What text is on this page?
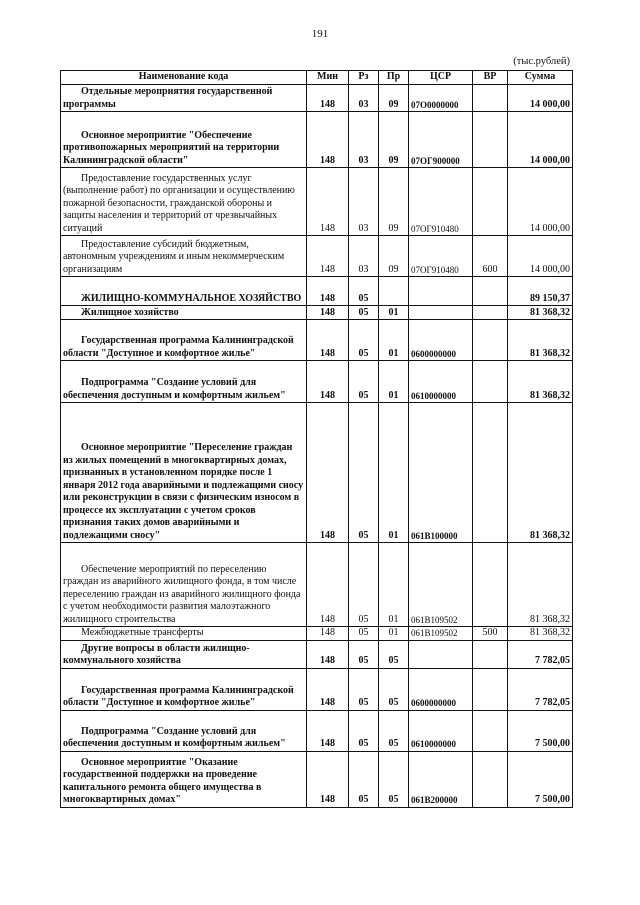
191
(тыс.рублей)
Наименование кода	Мин	Рз	Пр	ЦСР	ВР	Сумма
Отдельные мероприятия государственной программы	148	03	09	07О0000000		14 000,00
Основное мероприятие "Обеспечение противопожарных мероприятий на территории Калининградской области"	148	03	09	07ОГ900000		14 000,00
Предоставление государственных услуг (выполнение работ) по организации и осуществлению пожарной безопасности, гражданской обороны и защиты населения и территорий от чрезвычайных ситуаций	148	03	09	07ОГ910480		14 000,00
Предоставление субсидий бюджетным, автономным учреждениям и иным некоммерческим организациям	148	03	09	07ОГ910480	600	14 000,00
ЖИЛИЩНО-КОММУНАЛЬНОЕ ХОЗЯЙСТВО	148	05				89 150,37
Жилищное хозяйство	148	05	01			81 368,32
Государственная программа Калининградской области "Доступное и комфортное жилье"	148	05	01	0600000000		81 368,32
Подпрограмма "Создание условий для обеспечения доступным и комфортным жильем"	148	05	01	0610000000		81 368,32
Основное мероприятие "Переселение граждан из жилых помещений в многоквартирных домах, признанных в установленном порядке после 1 января 2012 года аварийными и подлежащими сносу или реконструкции в связи с физическим износом в процессе их эксплуатации с учетом сроков признания таких домов аварийными и подлежащими сносу"	148	05	01	061В100000		81 368,32
Обеспечение мероприятий по переселению граждан из аварийного жилищного фонда, в том числе переселению граждан из аварийного жилищного фонда с учетом необходимости развития малоэтажного жилищного строительства	148	05	01	061В109502		81 368,32
Межбюджетные трансферты	148	05	01	061В109502	500	81 368,32
Другие вопросы в области жилищно-коммунального хозяйства	148	05	05			7 782,05
Государственная программа Калининградской области "Доступное и комфортное жилье"	148	05	05	0600000000		7 782,05
Подпрограмма "Создание условий для обеспечения доступным и комфортным жильем"	148	05	05	0610000000		7 500,00
Основное мероприятие "Оказание государственной поддержки на проведение капитального ремонта общего имущества в многоквартирных домах"	148	05	05	061В200000		7 500,00
